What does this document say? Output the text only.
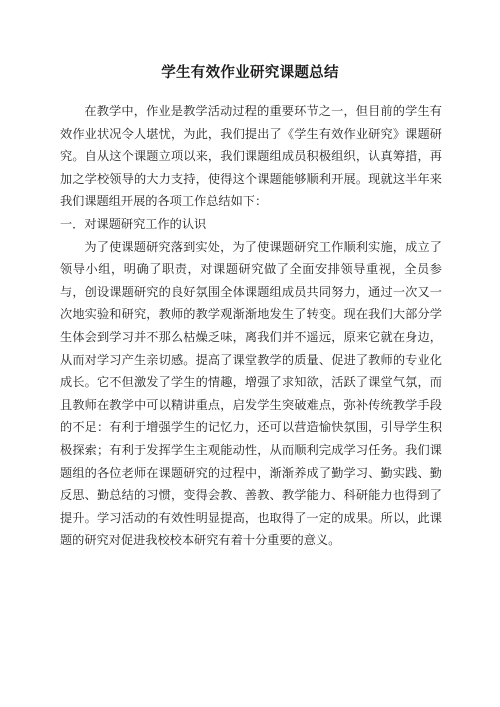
学生有效作业研究课题总结

在教学中，作业是教学活动过程的重要环节之一，但目前的学生有效作业状况令人堪忧，为此，我们提出了《学生有效作业研究》课题研究。自从这个课题立项以来，我们课题组成员积极组织，认真筹措，再加之学校领导的大力支持，使得这个课题能够顺利开展。现就这半年来我们课题组开展的各项工作总结如下：

一．对课题研究工作的认识

为了使课题研究落到实处，为了使课题研究工作顺利实施，成立了领导小组，明确了职责，对课题研究做了全面安排领导重视，全员参与，创设课题研究的良好氛围全体课题组成员共同努力，通过一次又一次地实验和研究，教师的教学观渐渐地发生了转变。现在我们大部分学生体会到学习并不那么枯燥乏味，离我们并不遥远，原来它就在身边，从而对学习产生亲切感。提高了课堂教学的质量、促进了教师的专业化成长。它不但激发了学生的情趣，增强了求知欲，活跃了课堂气氛，而且教师在教学中可以精讲重点，启发学生突破难点，弥补传统教学手段的不足：有利于增强学生的记忆力，还可以营造愉快氛围，引导学生积极探索；有利于发挥学生主观能动性，从而顺利完成学习任务。我们课题组的各位老师在课题研究的过程中，渐渐养成了勤学习、勤实践、勤反思、勤总结的习惯，变得会教、善教、教学能力、科研能力也得到了提升。学习活动的有效性明显提高，也取得了一定的成果。所以，此课题的研究对促进我校校本研究有着十分重要的意义。
